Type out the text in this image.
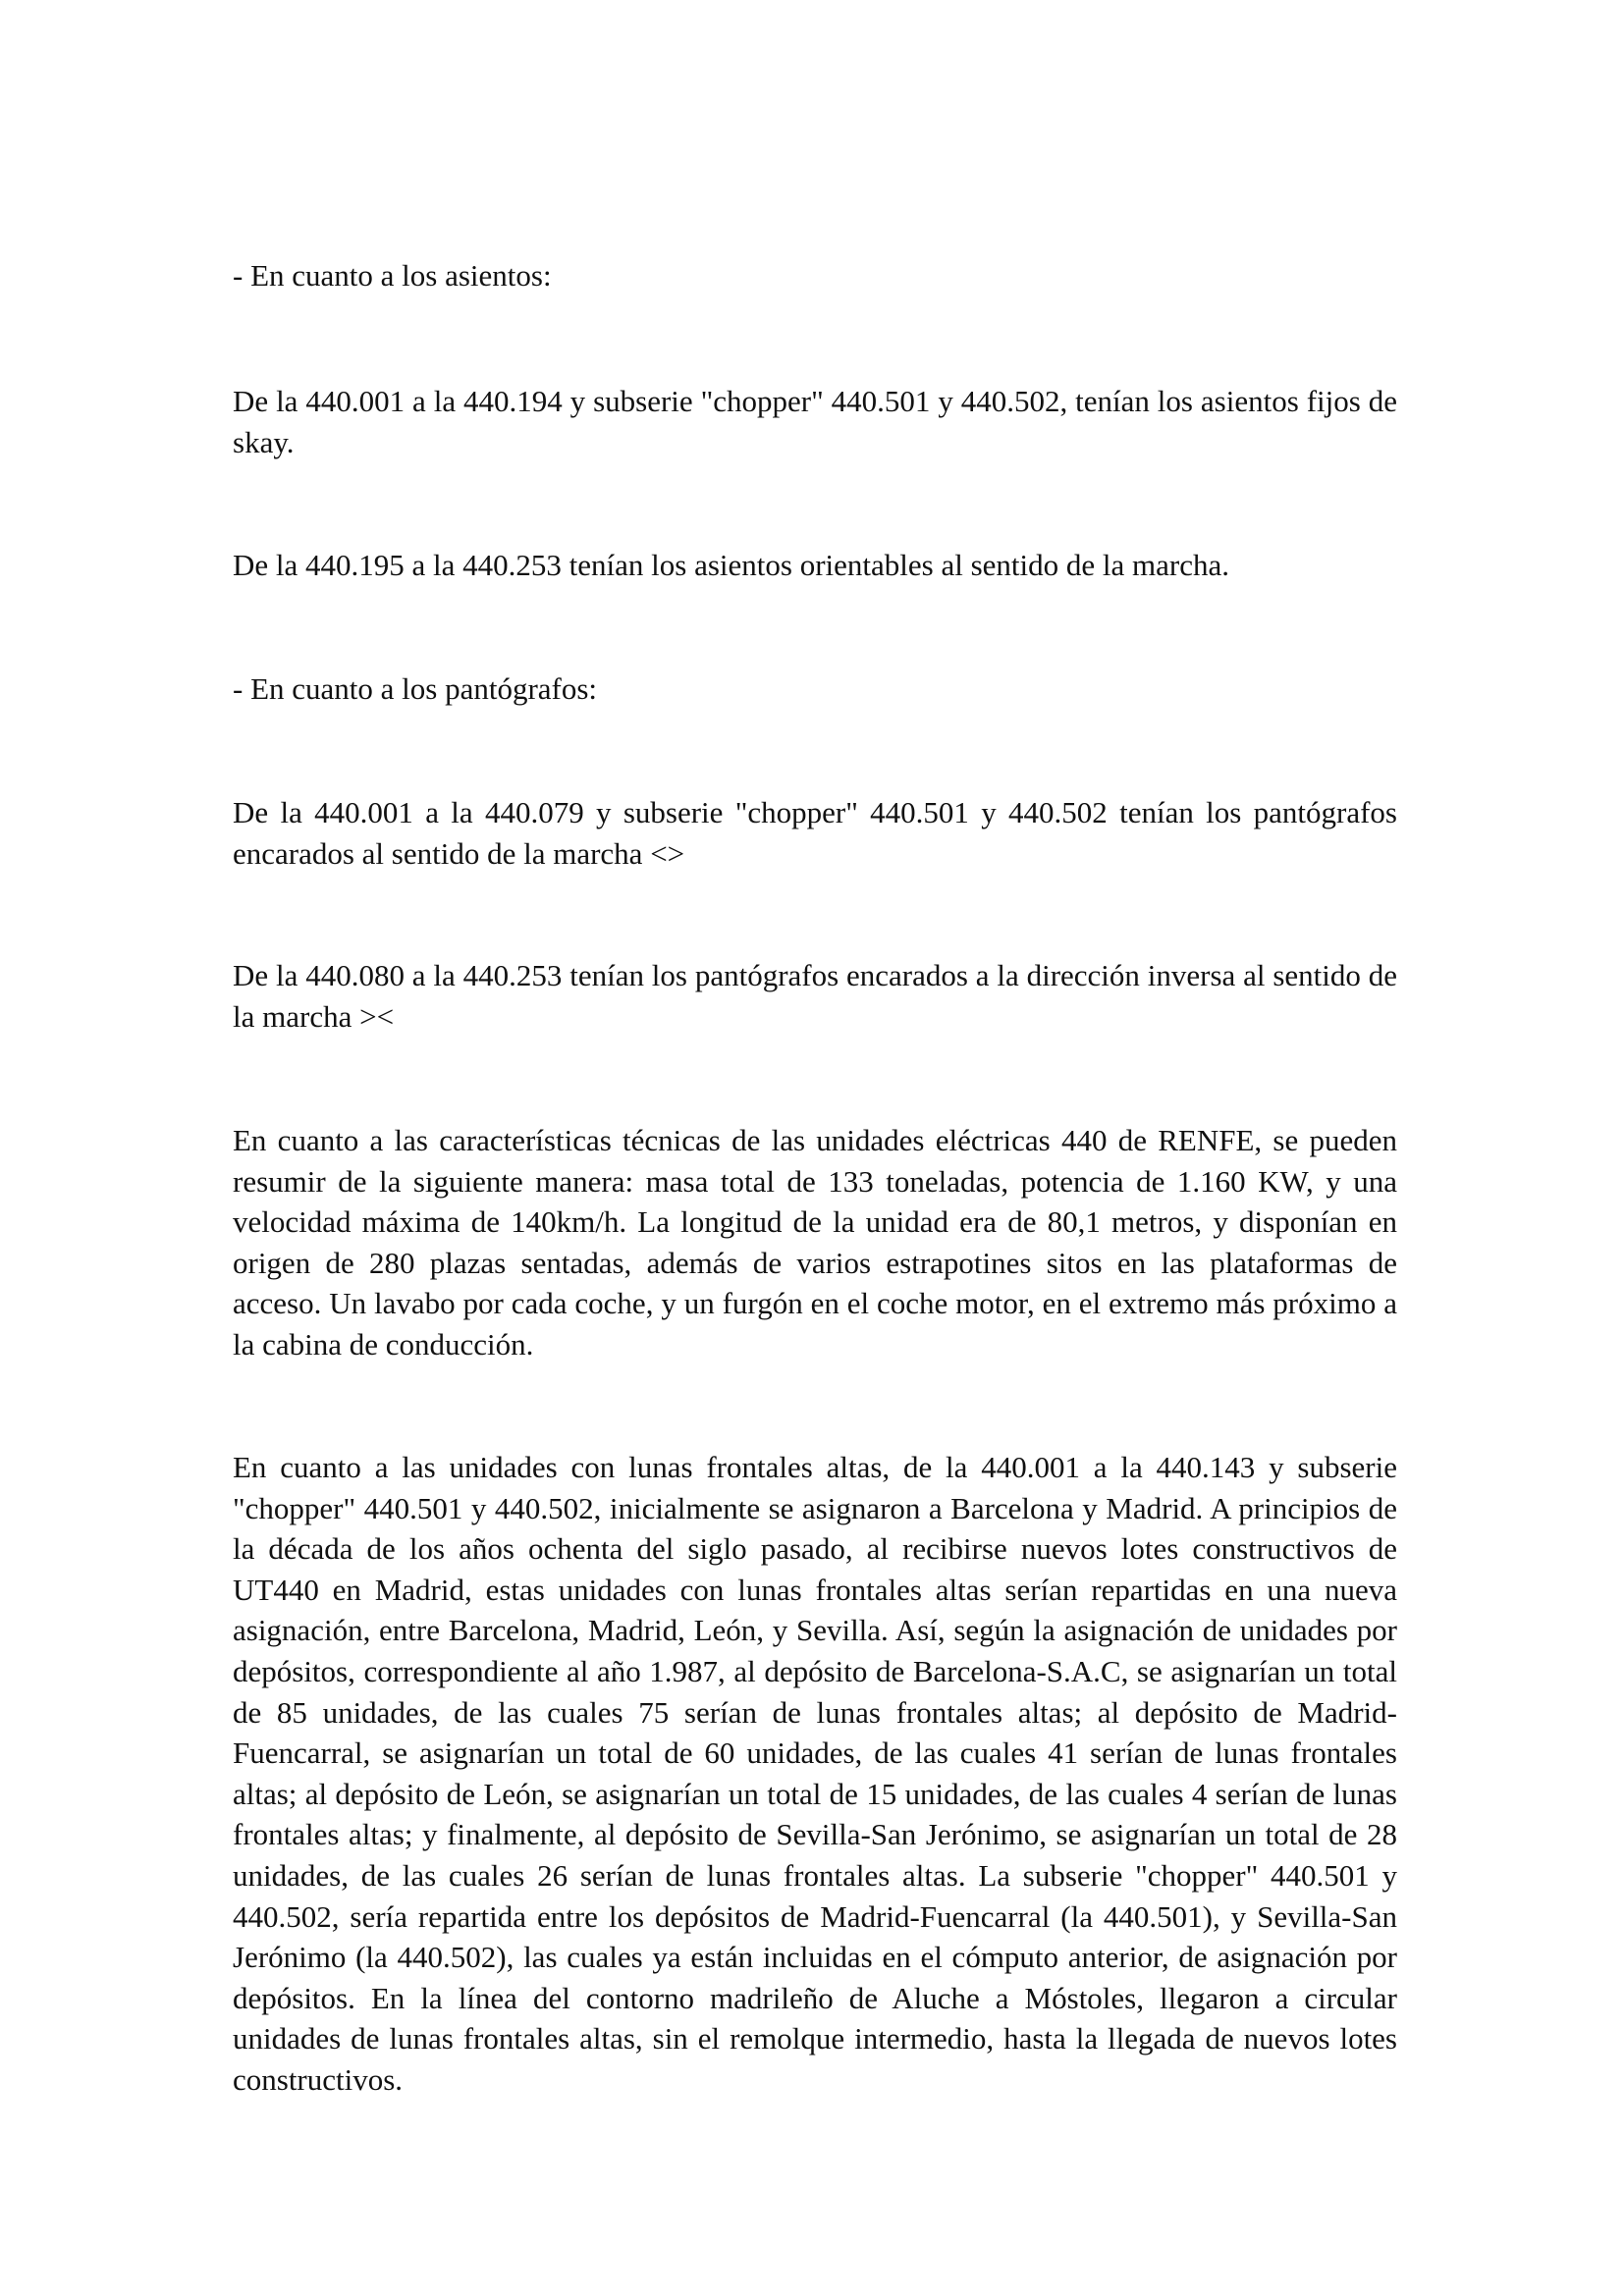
- En cuanto a los asientos:

De la 440.001 a la 440.194 y subserie "chopper" 440.501 y 440.502, tenían los asientos fijos de skay.

De la 440.195 a la 440.253 tenían los asientos orientables al sentido de la marcha.

- En cuanto a los pantógrafos:

De la 440.001 a la 440.079 y subserie "chopper" 440.501 y 440.502 tenían los pantógrafos encarados al sentido de la marcha <>

De la 440.080 a la 440.253 tenían los pantógrafos encarados a la dirección inversa al sentido de la marcha ><

En cuanto a las características técnicas de las unidades eléctricas 440 de RENFE, se pueden resumir de la siguiente manera: masa total de 133 toneladas, potencia de 1.160 KW, y una velocidad máxima de 140km/h. La longitud de la unidad era de 80,1 metros, y disponían en origen de 280 plazas sentadas, además de varios estrapotines sitos en las plataformas de acceso. Un lavabo por cada coche, y un furgón en el coche motor, en el extremo más próximo a la cabina de conducción.

En cuanto a las unidades con lunas frontales altas, de la 440.001 a la 440.143 y subserie "chopper" 440.501 y 440.502, inicialmente se asignaron a Barcelona y Madrid. A principios de la década de los años ochenta del siglo pasado, al recibirse nuevos lotes constructivos de UT440 en Madrid, estas unidades con lunas frontales altas serían repartidas en una nueva asignación, entre Barcelona, Madrid, León, y Sevilla. Así, según la asignación de unidades por depósitos, correspondiente al año 1.987, al depósito de Barcelona-S.A.C, se asignarían un total de 85 unidades, de las cuales 75 serían de lunas frontales altas; al depósito de Madrid-Fuencarral, se asignarían un total de 60 unidades, de las cuales 41 serían de lunas frontales altas; al depósito de León, se asignarían un total de 15 unidades, de las cuales 4 serían de lunas frontales altas; y finalmente, al depósito de Sevilla-San Jerónimo, se asignarían un total de 28 unidades, de las cuales 26 serían de lunas frontales altas. La subserie "chopper" 440.501 y 440.502, sería repartida entre los depósitos de Madrid-Fuencarral (la 440.501), y Sevilla-San Jerónimo (la 440.502), las cuales ya están incluidas en el cómputo anterior, de asignación por depósitos. En la línea del contorno madrileño de Aluche a Móstoles, llegaron a circular unidades de lunas frontales altas, sin el remolque intermedio, hasta la llegada de nuevos lotes constructivos.
